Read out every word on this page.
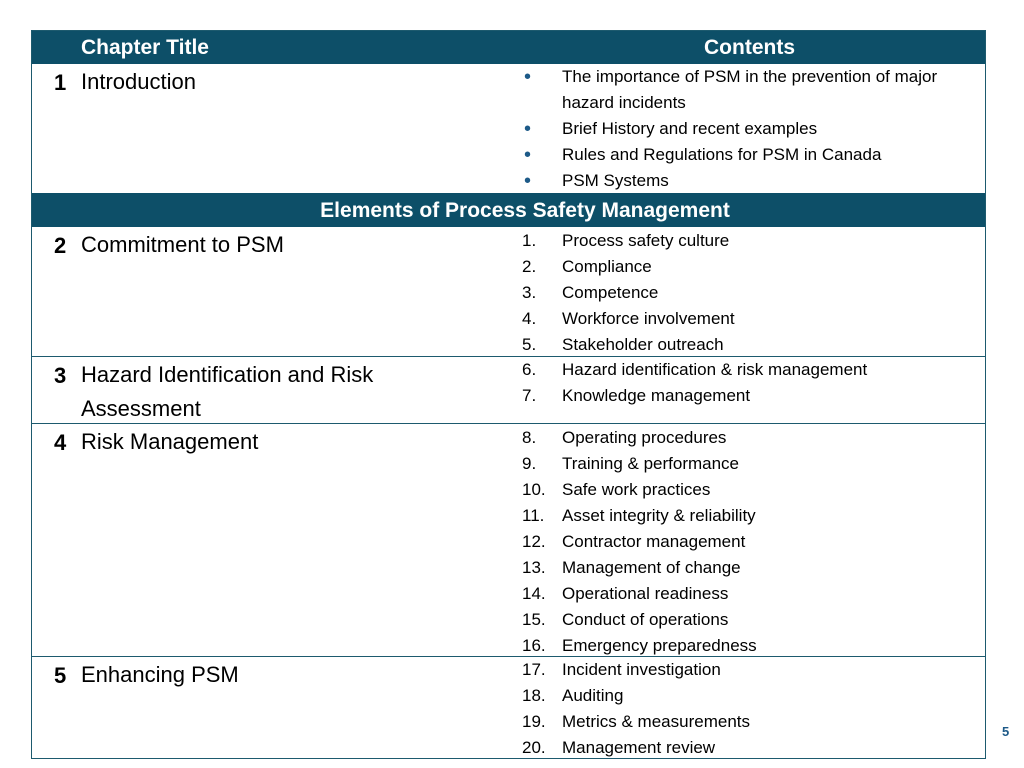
Chapter Title	Contents
1 Introduction	•	The importance of PSM in the prevention of major hazard incidents
•	Brief History and recent examples
•	Rules and Regulations for PSM in Canada
•	PSM Systems
Elements of Process Safety Management
2 Commitment to PSM	1.	Process safety culture
2.	Compliance
3.	Competence
4.	Workforce involvement
5.	Stakeholder outreach
3 Hazard Identification and Risk Assessment
6.	Hazard identification & risk management
7.	Knowledge management
4 Risk Management	8.	Operating procedures
9.	Training & performance
10. Safe work practices
11.	Asset integrity & reliability
12. Contractor management
13. Management of change
14. Operational readiness
15. Conduct of operations
16. Emergency preparedness
5 Enhancing PSM	17. Incident investigation
18. Auditing
19. Metrics & measurements
20. Management review
5
